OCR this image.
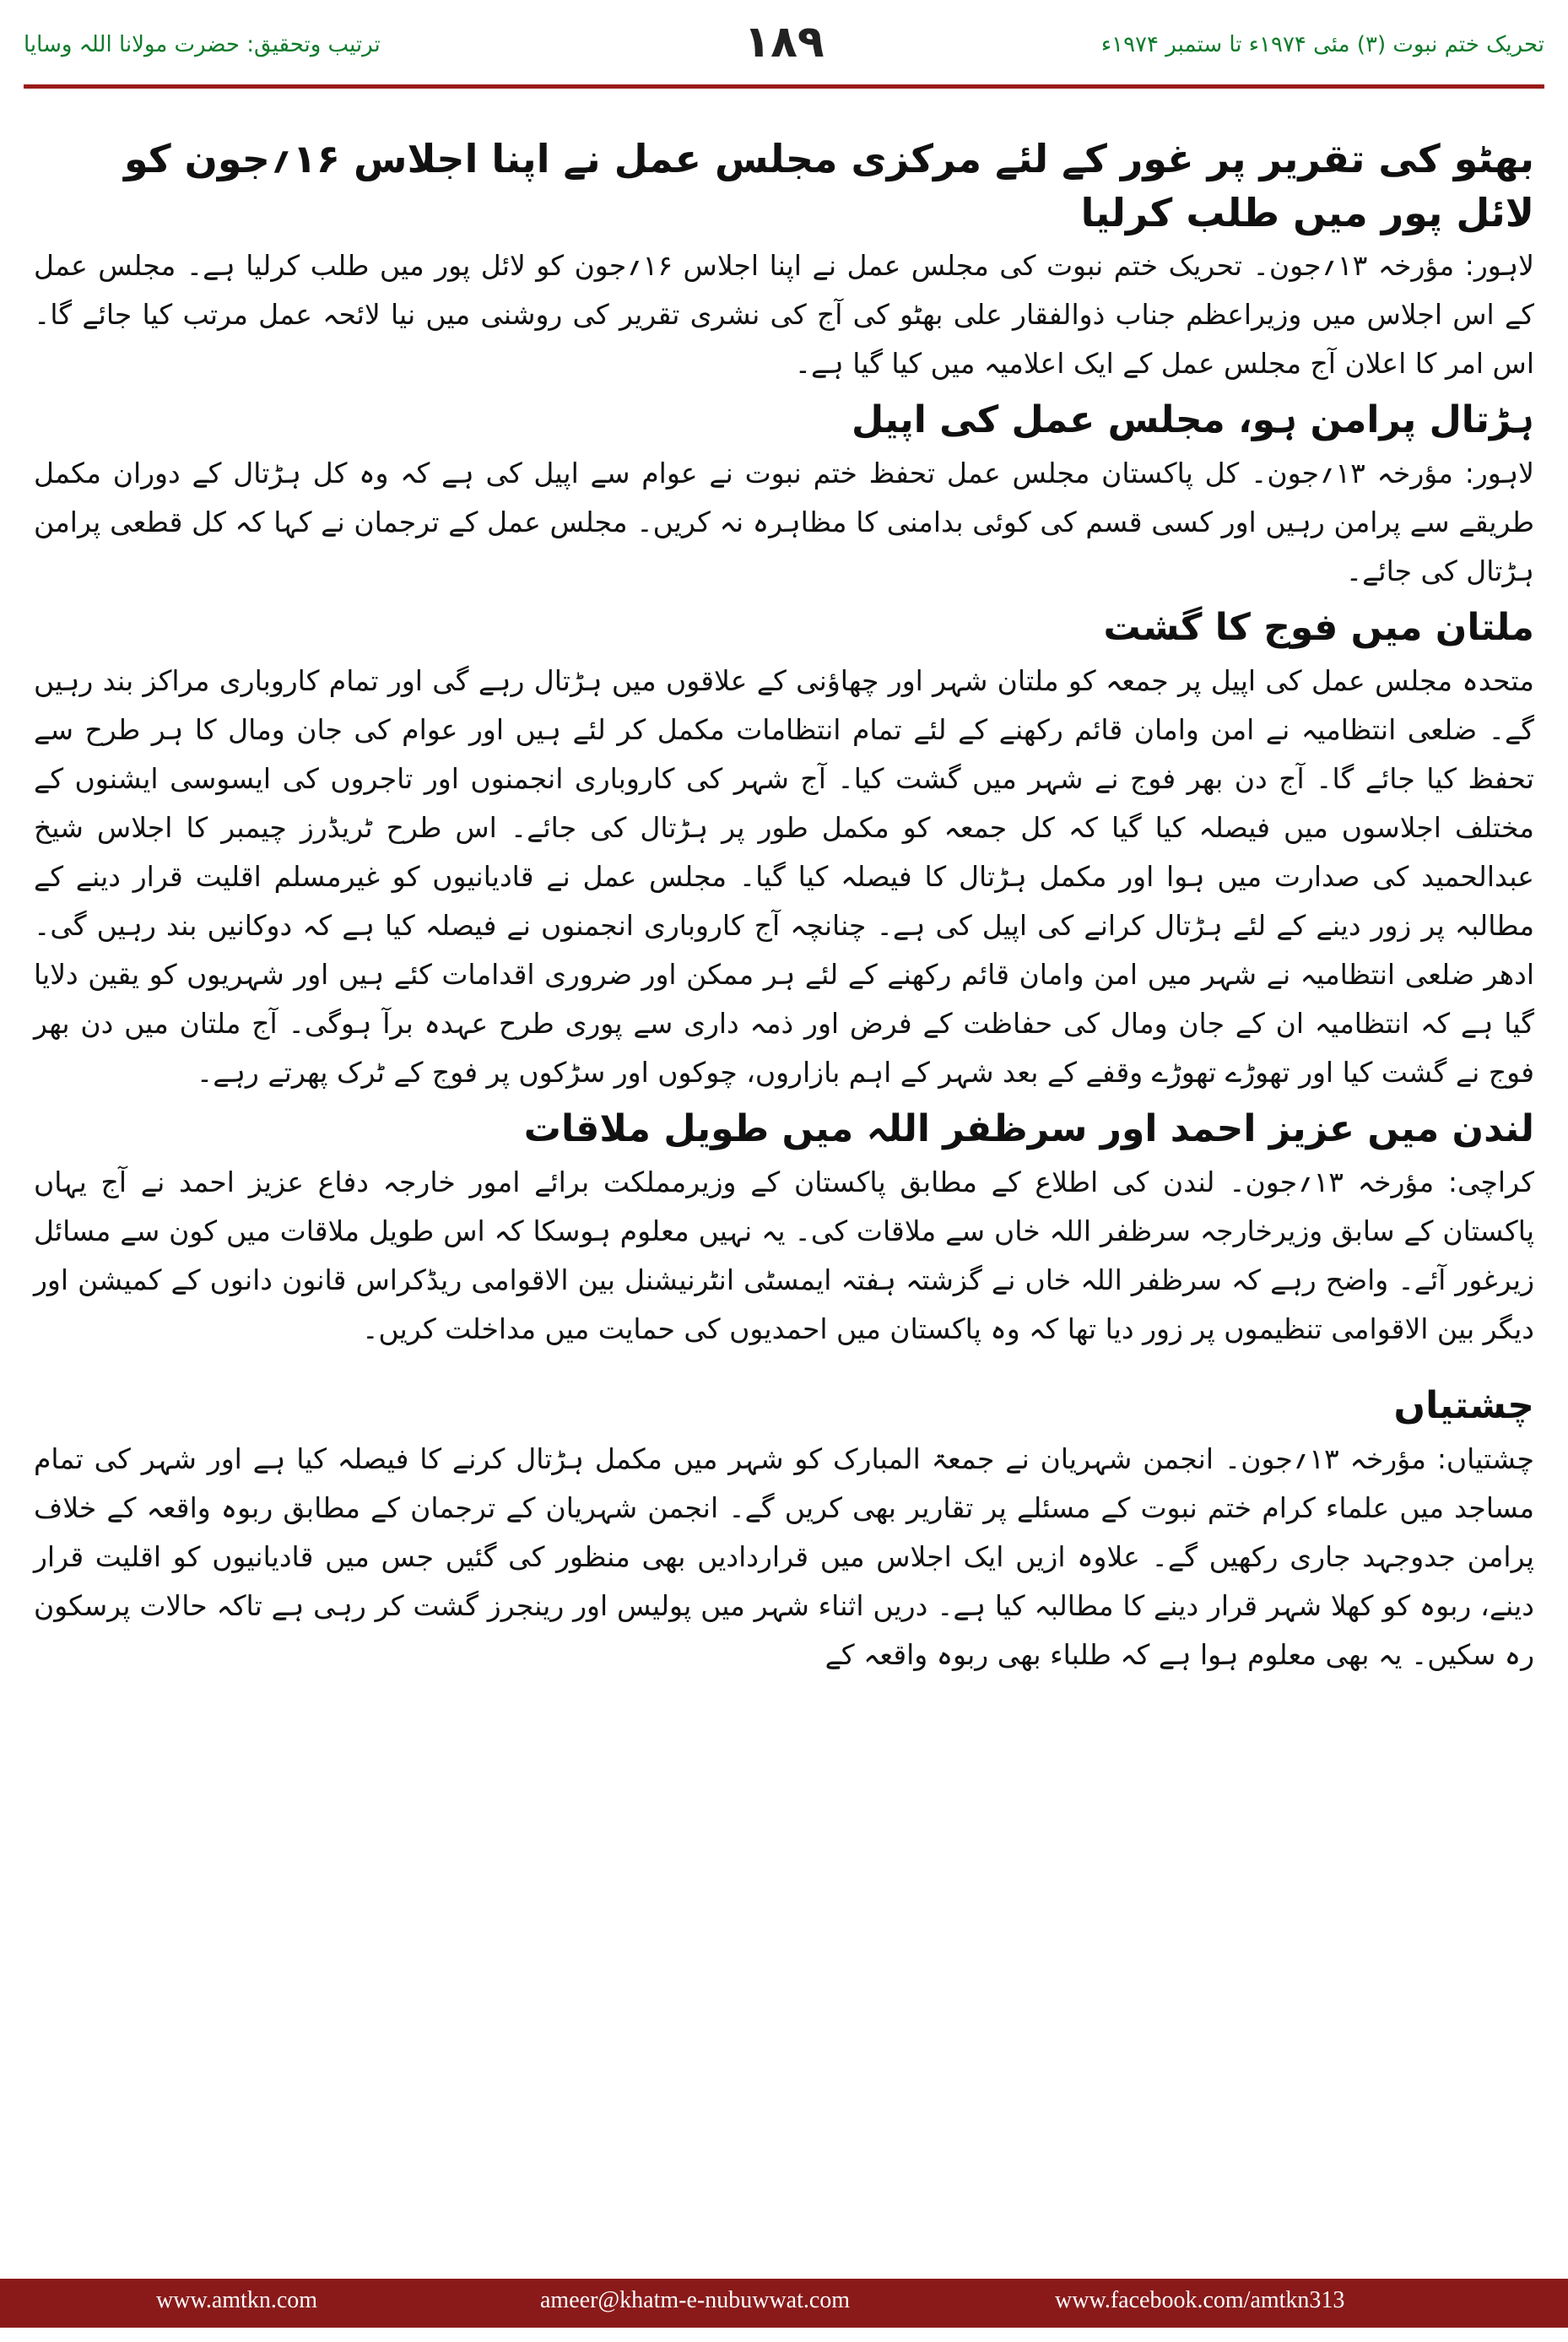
ترتیب وتحقیق: حضرت مولانا اللہ وسایا	۱۸۹	تحریک ختم نبوت (۳) مئی ۱۹۷۴ء تا ستمبر ۱۹۷۴ء
بھٹو کی تقریر پر غور کے لئے مرکزی مجلس عمل نے اپنا اجلاس ۱۶؍جون کو لائل پور میں طلب کرلیا

لاہور: مؤرخہ ۱۳؍جون۔ تحریک ختم نبوت کی مجلس عمل نے اپنا اجلاس ۱۶؍جون کو لائل پور میں طلب کرلیا ہے۔ مجلس عمل کے اس اجلاس میں وزیراعظم جناب ذوالفقار علی بھٹو کی آج کی نشری تقریر کی روشنی میں نیا لائحہ عمل مرتب کیا جائے گا۔ اس امر کا اعلان آج مجلس عمل کے ایک اعلامیہ میں کیا گیا ہے۔

ہڑتال پرامن ہو، مجلس عمل کی اپیل

لاہور: مؤرخہ ۱۳؍جون۔ کل پاکستان مجلس عمل تحفظ ختم نبوت نے عوام سے اپیل کی ہے کہ وہ کل ہڑتال کے دوران مکمل طریقے سے پرامن رہیں اور کسی قسم کی کوئی بدامنی کا مظاہرہ نہ کریں۔ مجلس عمل کے ترجمان نے کہا کہ کل قطعی پرامن ہڑتال کی جائے۔

ملتان میں فوج کا گشت

متحدہ مجلس عمل کی اپیل پر جمعہ کو ملتان شہر اور چھاؤنی کے علاقوں میں ہڑتال رہے گی اور تمام کاروباری مراکز بند رہیں گے۔ ضلعی انتظامیہ نے امن وامان قائم رکھنے کے لئے تمام انتظامات مکمل کر لئے ہیں اور عوام کی جان ومال کا ہر طرح سے تحفظ کیا جائے گا۔ آج دن بھر فوج نے شہر میں گشت کیا۔ آج شہر کی کاروباری انجمنوں اور تاجروں کی ایسوسی ایشنوں کے مختلف اجلاسوں میں فیصلہ کیا گیا کہ کل جمعہ کو مکمل طور پر ہڑتال کی جائے۔ اس طرح ٹریڈرز چیمبر کا اجلاس شیخ عبدالحمید کی صدارت میں ہوا اور مکمل ہڑتال کا فیصلہ کیا گیا۔ مجلس عمل نے قادیانیوں کو غیرمسلم اقلیت قرار دینے کے مطالبہ پر زور دینے کے لئے ہڑتال کرانے کی اپیل کی ہے۔ چنانچہ آج کاروباری انجمنوں نے فیصلہ کیا ہے کہ دوکانیں بند رہیں گی۔ ادھر ضلعی انتظامیہ نے شہر میں امن وامان قائم رکھنے کے لئے ہر ممکن اور ضروری اقدامات کئے ہیں اور شہریوں کو یقین دلایا گیا ہے کہ انتظامیہ ان کے جان ومال کی حفاظت کے فرض اور ذمہ داری سے پوری طرح عہدہ برآ ہوگی۔ آج ملتان میں دن بھر فوج نے گشت کیا اور تھوڑے تھوڑے وقفے کے بعد شہر کے اہم بازاروں، چوکوں اور سڑکوں پر فوج کے ٹرک پھرتے رہے۔

لندن میں عزیز احمد اور سرظفر اللہ میں طویل ملاقات

کراچی: مؤرخہ ۱۳؍جون۔ لندن کی اطلاع کے مطابق پاکستان کے وزیرمملکت برائے امور خارجہ دفاع عزیز احمد نے آج یہاں پاکستان کے سابق وزیرخارجہ سرظفر اللہ خاں سے ملاقات کی۔ یہ نہیں معلوم ہوسکا کہ اس طویل ملاقات میں کون سے مسائل زیرغور آئے۔ واضح رہے کہ سرظفر اللہ خاں نے گزشتہ ہفتہ ایمسٹی انٹرنیشنل بین الاقوامی ریڈکراس قانون دانوں کے کمیشن اور دیگر بین الاقوامی تنظیموں پر زور دیا تھا کہ وہ پاکستان میں احمدیوں کی حمایت میں مداخلت کریں۔

چشتیاں

چشتیاں: مؤرخہ ۱۳؍جون۔ انجمن شہریان نے جمعۃ المبارک کو شہر میں مکمل ہڑتال کرنے کا فیصلہ کیا ہے اور شہر کی تمام مساجد میں علماء کرام ختم نبوت کے مسئلے پر تقاریر بھی کریں گے۔ انجمن شہریان کے ترجمان کے مطابق ربوہ واقعہ کے خلاف پرامن جدوجہد جاری رکھیں گے۔ علاوہ ازیں ایک اجلاس میں قراردادیں بھی منظور کی گئیں جس میں قادیانیوں کو اقلیت قرار دینے، ربوہ کو کھلا شہر قرار دینے کا مطالبہ کیا ہے۔ دریں اثناء شہر میں پولیس اور رینجرز گشت کر رہی ہے تاکہ حالات پرسکون رہ سکیں۔ یہ بھی معلوم ہوا ہے کہ طلباء بھی ربوہ واقعہ کے

www.amtkn.com	ameer@khatm-e-nubuwwat.com	www.facebook.com/amtkn313
